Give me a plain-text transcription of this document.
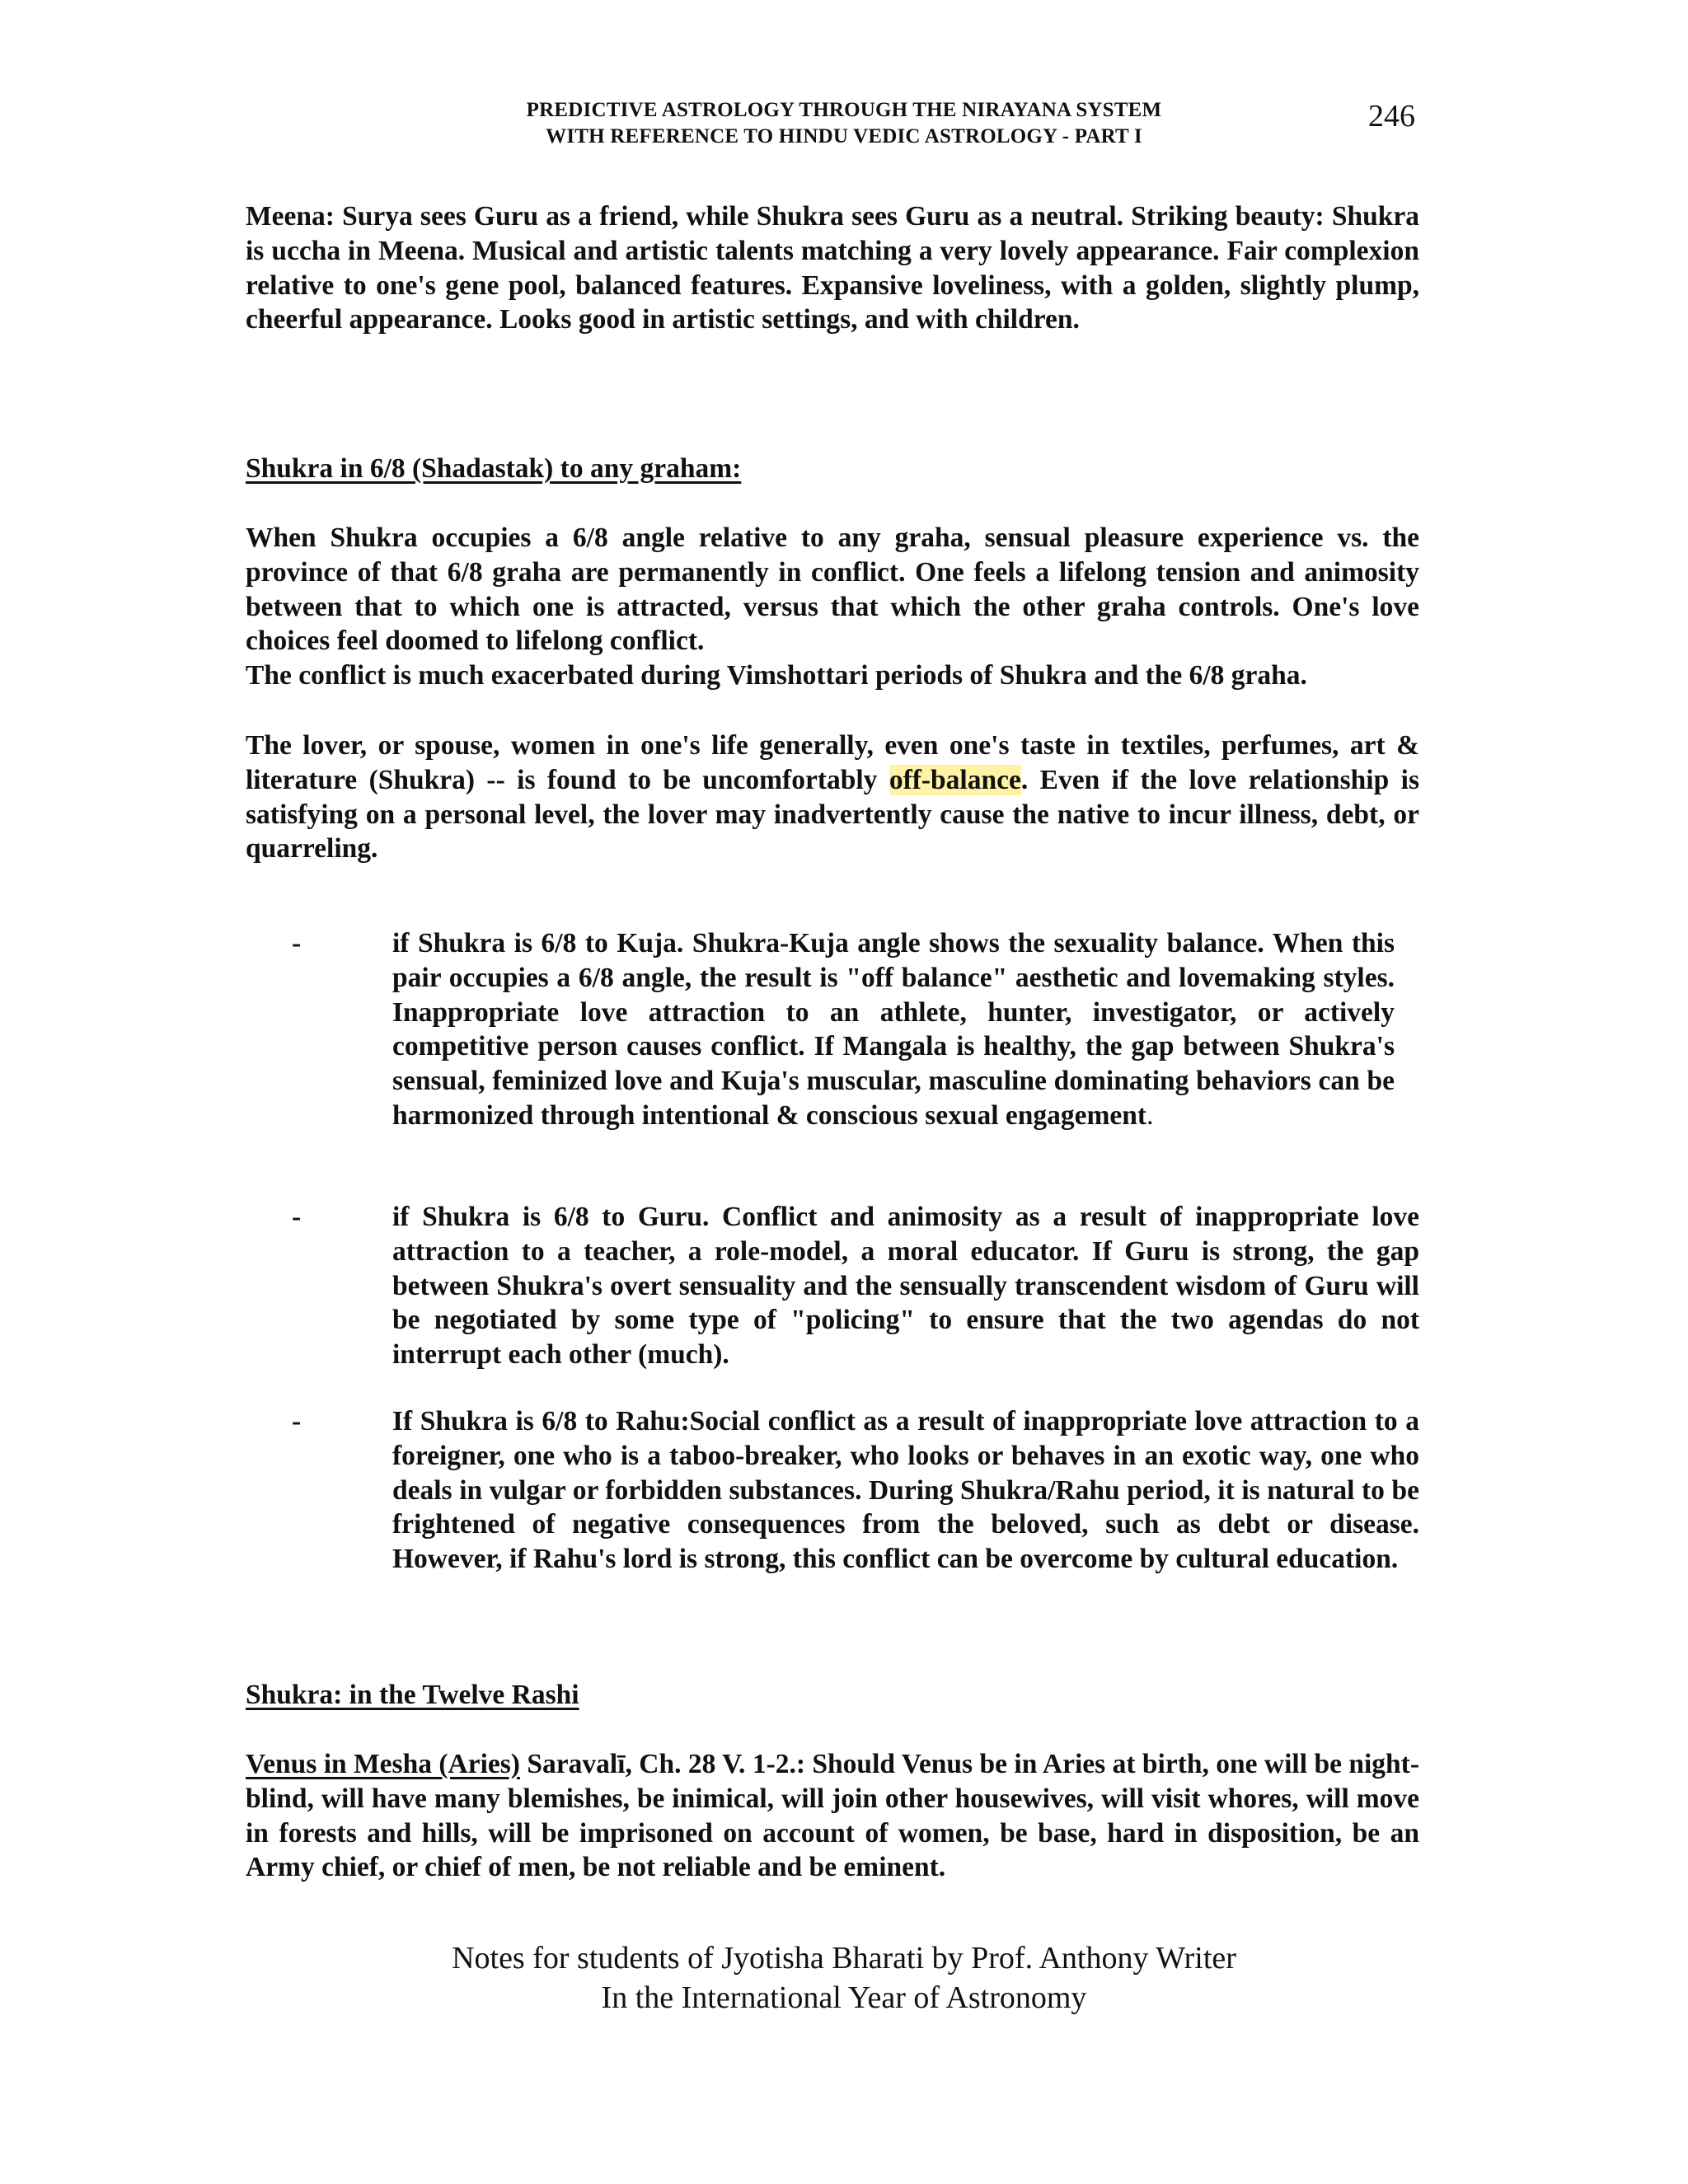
PREDICTIVE ASTROLOGY THROUGH THE NIRAYANA SYSTEM
WITH REFERENCE TO HINDU VEDIC ASTROLOGY - PART I
246
Meena: Surya sees Guru as a friend, while Shukra sees Guru as a neutral. Striking beauty: Shukra is uccha in Meena. Musical and artistic talents matching a very lovely appearance. Fair complexion relative to one's gene pool, balanced features. Expansive loveliness, with a golden, slightly plump, cheerful appearance. Looks good in artistic settings, and with children.
Shukra in 6/8 (Shadastak) to any graham:
When Shukra occupies a 6/8 angle relative to any graha, sensual pleasure experience vs. the province of that 6/8 graha are permanently in conflict. One feels a lifelong tension and animosity between that to which one is attracted, versus that which the other graha controls. One's love choices feel doomed to lifelong conflict.
The conflict is much exacerbated during Vimshottari periods of Shukra and the 6/8 graha.
The lover, or spouse, women in one's life generally, even one's taste in textiles, perfumes, art & literature (Shukra) -- is found to be uncomfortably off-balance. Even if the love relationship is satisfying on a personal level, the lover may inadvertently cause the native to incur illness, debt, or quarreling.
-	if Shukra is 6/8 to Kuja. Shukra-Kuja angle shows the sexuality balance. When this pair occupies a 6/8 angle, the result is "off balance" aesthetic and lovemaking styles. Inappropriate love attraction to an athlete, hunter, investigator, or actively competitive person causes conflict. If Mangala is healthy, the gap between Shukra's sensual, feminized love and Kuja's muscular, masculine dominating behaviors can be harmonized through intentional & conscious sexual engagement.
-	if Shukra is 6/8 to Guru. Conflict and animosity as a result of inappropriate love attraction to a teacher, a role-model, a moral educator. If Guru is strong, the gap between Shukra's overt sensuality and the sensually transcendent wisdom of Guru will be negotiated by some type of "policing" to ensure that the two agendas do not interrupt each other (much).
-	If Shukra is 6/8 to Rahu:Social conflict as a result of inappropriate love attraction to a foreigner, one who is a taboo-breaker, who looks or behaves in an exotic way, one who deals in vulgar or forbidden substances. During Shukra/Rahu period, it is natural to be frightened of negative consequences from the beloved, such as debt or disease. However, if Rahu's lord is strong, this conflict can be overcome by cultural education.
Shukra: in the Twelve Rashi
Venus in Mesha (Aries) Saravalī, Ch. 28 V. 1-2.: Should Venus be in Aries at birth, one will be night-blind, will have many blemishes, be inimical, will join other housewives, will visit whores, will move in forests and hills, will be imprisoned on account of women, be base, hard in disposition, be an Army chief, or chief of men, be not reliable and be eminent.
Notes for students of Jyotisha Bharati by Prof. Anthony Writer
In the International Year of Astronomy
